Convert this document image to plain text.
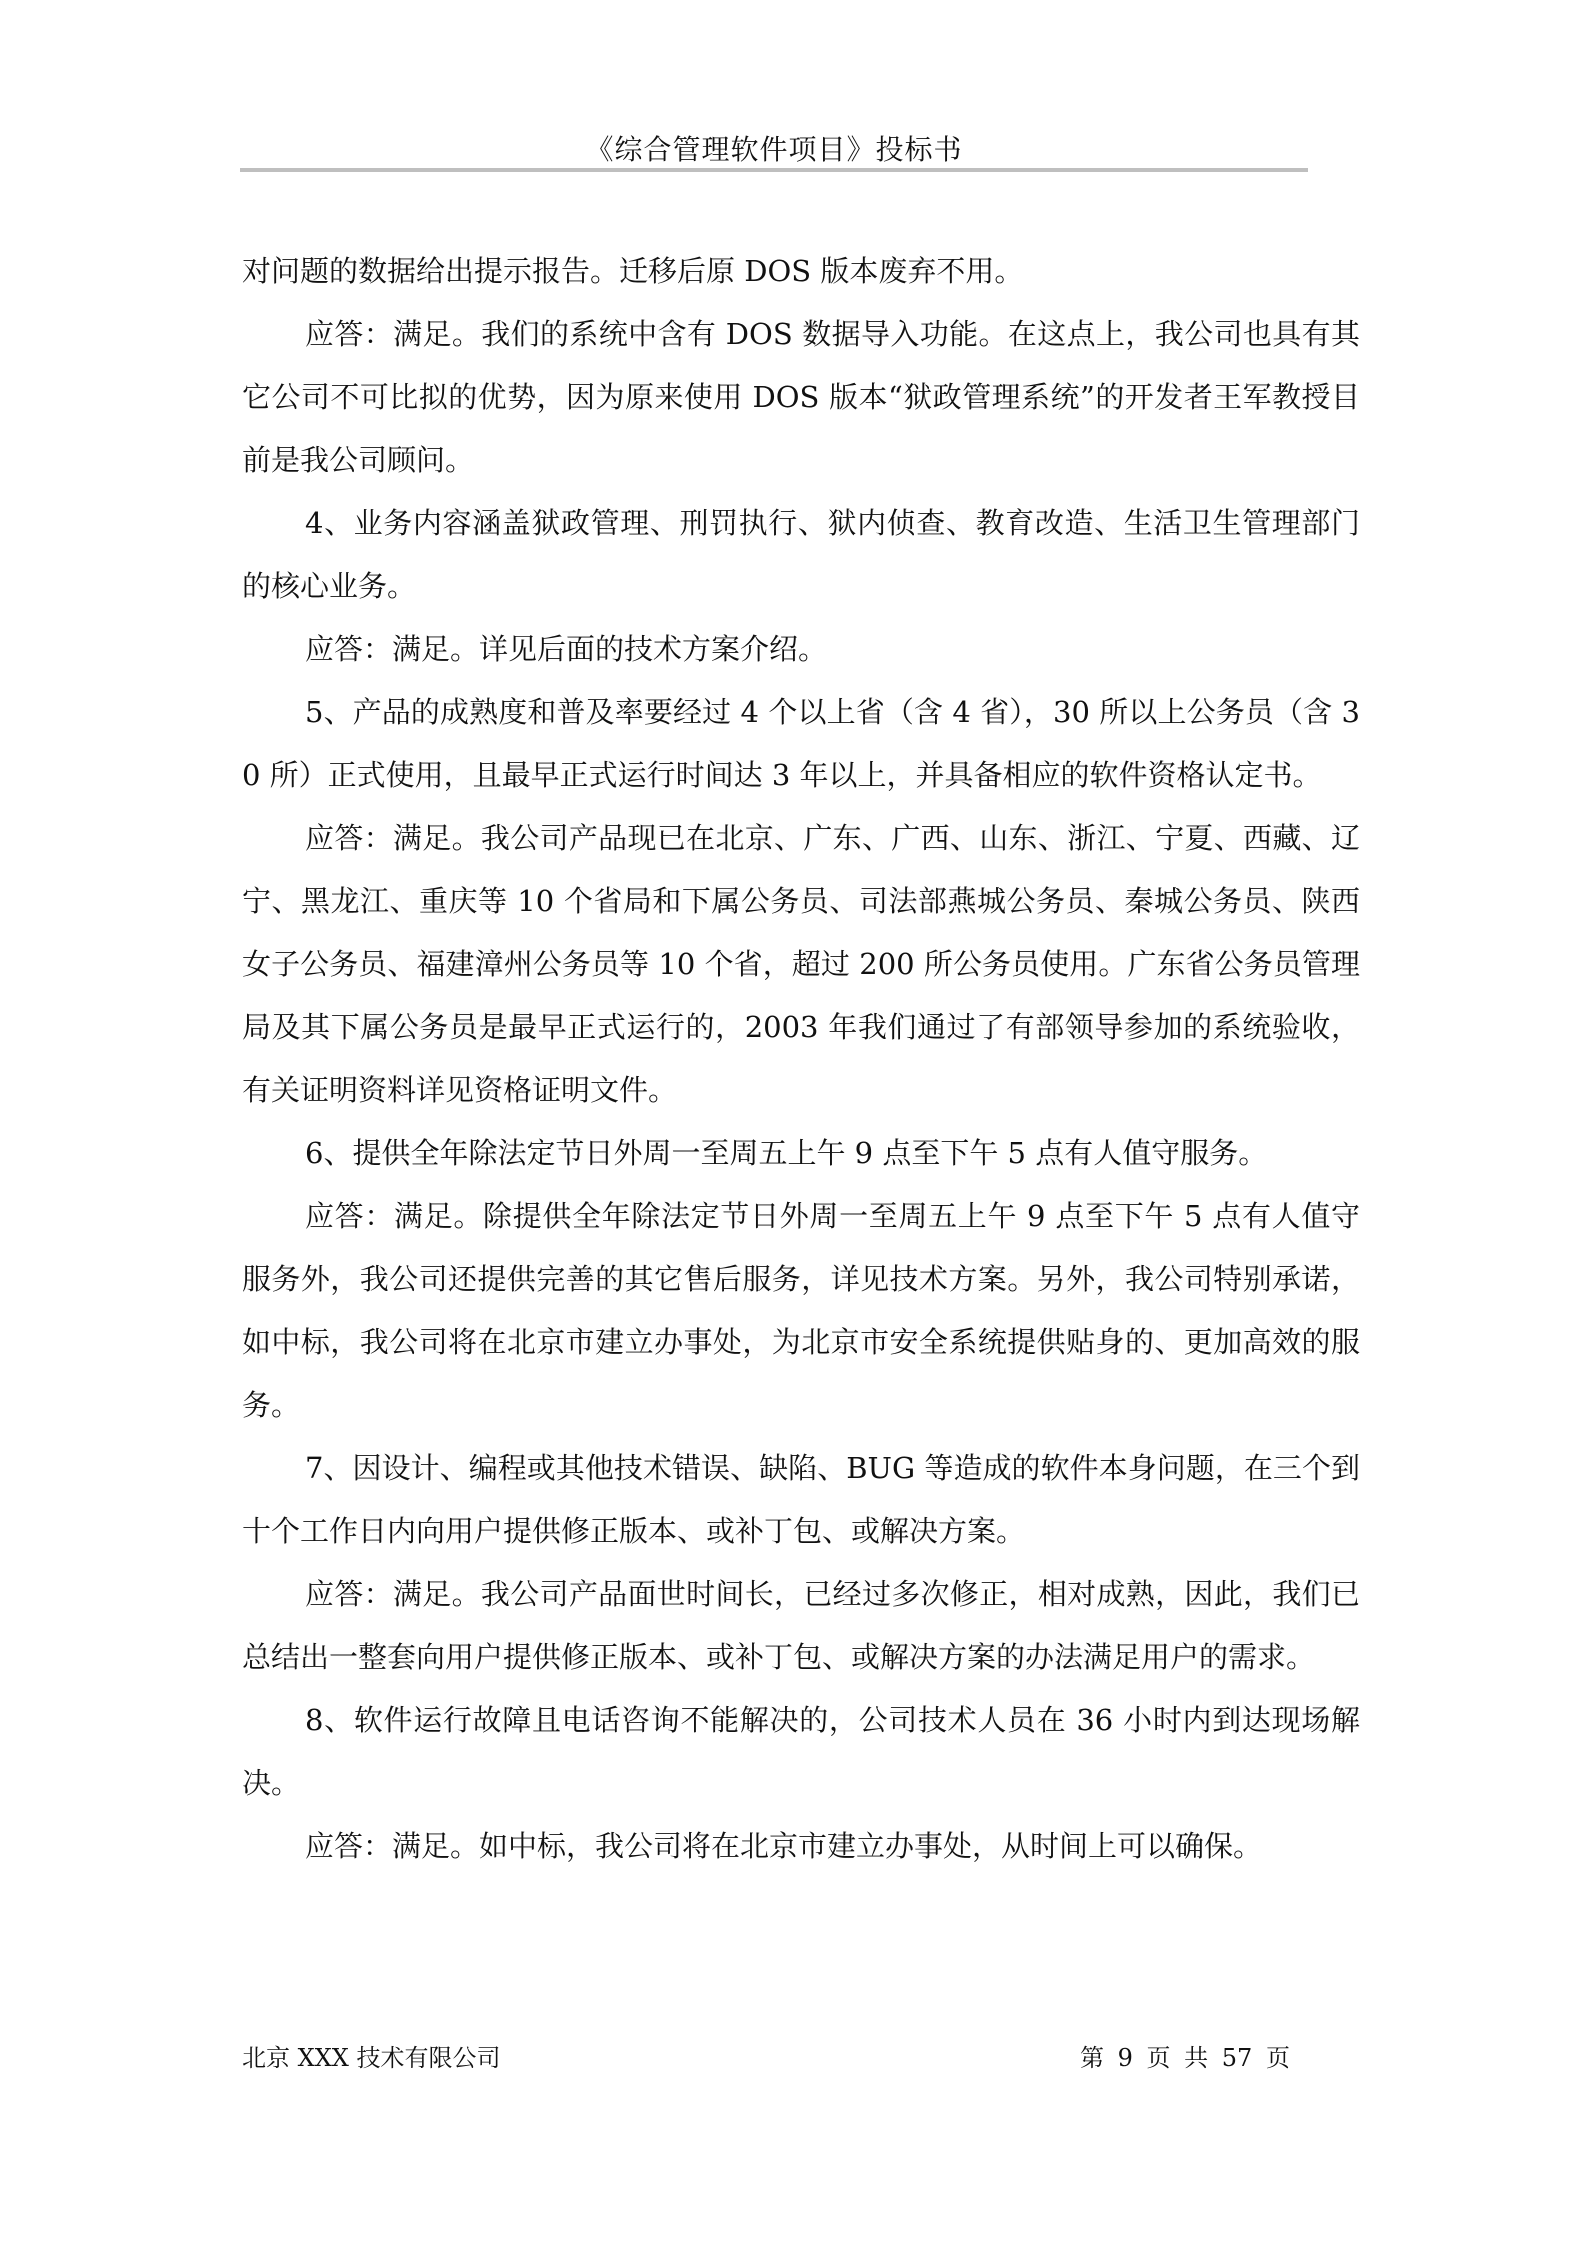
《综合管理软件项目》投标书

对问题的数据给出提示报告。迁移后原 DOS 版本废弃不用。

应答：满足。我们的系统中含有 DOS 数据导入功能。在这点上，我公司也具有其它公司不可比拟的优势，因为原来使用 DOS 版本“狱政管理系统”的开发者王军教授目前是我公司顾问。

4、业务内容涵盖狱政管理、刑罚执行、狱内侦查、教育改造、生活卫生管理部门的核心业务。

应答：满足。详见后面的技术方案介绍。

5、产品的成熟度和普及率要经过 4 个以上省（含 4 省），30 所以上公务员（含 30 所）正式使用，且最早正式运行时间达 3 年以上，并具备相应的软件资格认定书。

应答：满足。我公司产品现已在北京、广东、广西、山东、浙江、宁夏、西藏、辽宁、黑龙江、重庆等 10 个省局和下属公务员、司法部燕城公务员、秦城公务员、陕西女子公务员、福建漳州公务员等 10 个省，超过 200 所公务员使用。广东省公务员管理局及其下属公务员是最早正式运行的，2003 年我们通过了有部领导参加的系统验收，有关证明资料详见资格证明文件。

6、提供全年除法定节日外周一至周五上午 9 点至下午 5 点有人值守服务。

应答：满足。除提供全年除法定节日外周一至周五上午 9 点至下午 5 点有人值守服务外，我公司还提供完善的其它售后服务，详见技术方案。另外，我公司特别承诺，如中标，我公司将在北京市建立办事处，为北京市安全系统提供贴身的、更加高效的服务。

7、因设计、编程或其他技术错误、缺陷、BUG 等造成的软件本身问题，在三个到十个工作日内向用户提供修正版本、或补丁包、或解决方案。

应答：满足。我公司产品面世时间长，已经过多次修正，相对成熟，因此，我们已总结出一整套向用户提供修正版本、或补丁包、或解决方案的办法满足用户的需求。

8、软件运行故障且电话咨询不能解决的，公司技术人员在 36 小时内到达现场解决。

应答：满足。如中标，我公司将在北京市建立办事处，从时间上可以确保。

北京 XXX 技术有限公司	第 9 页 共 57 页
